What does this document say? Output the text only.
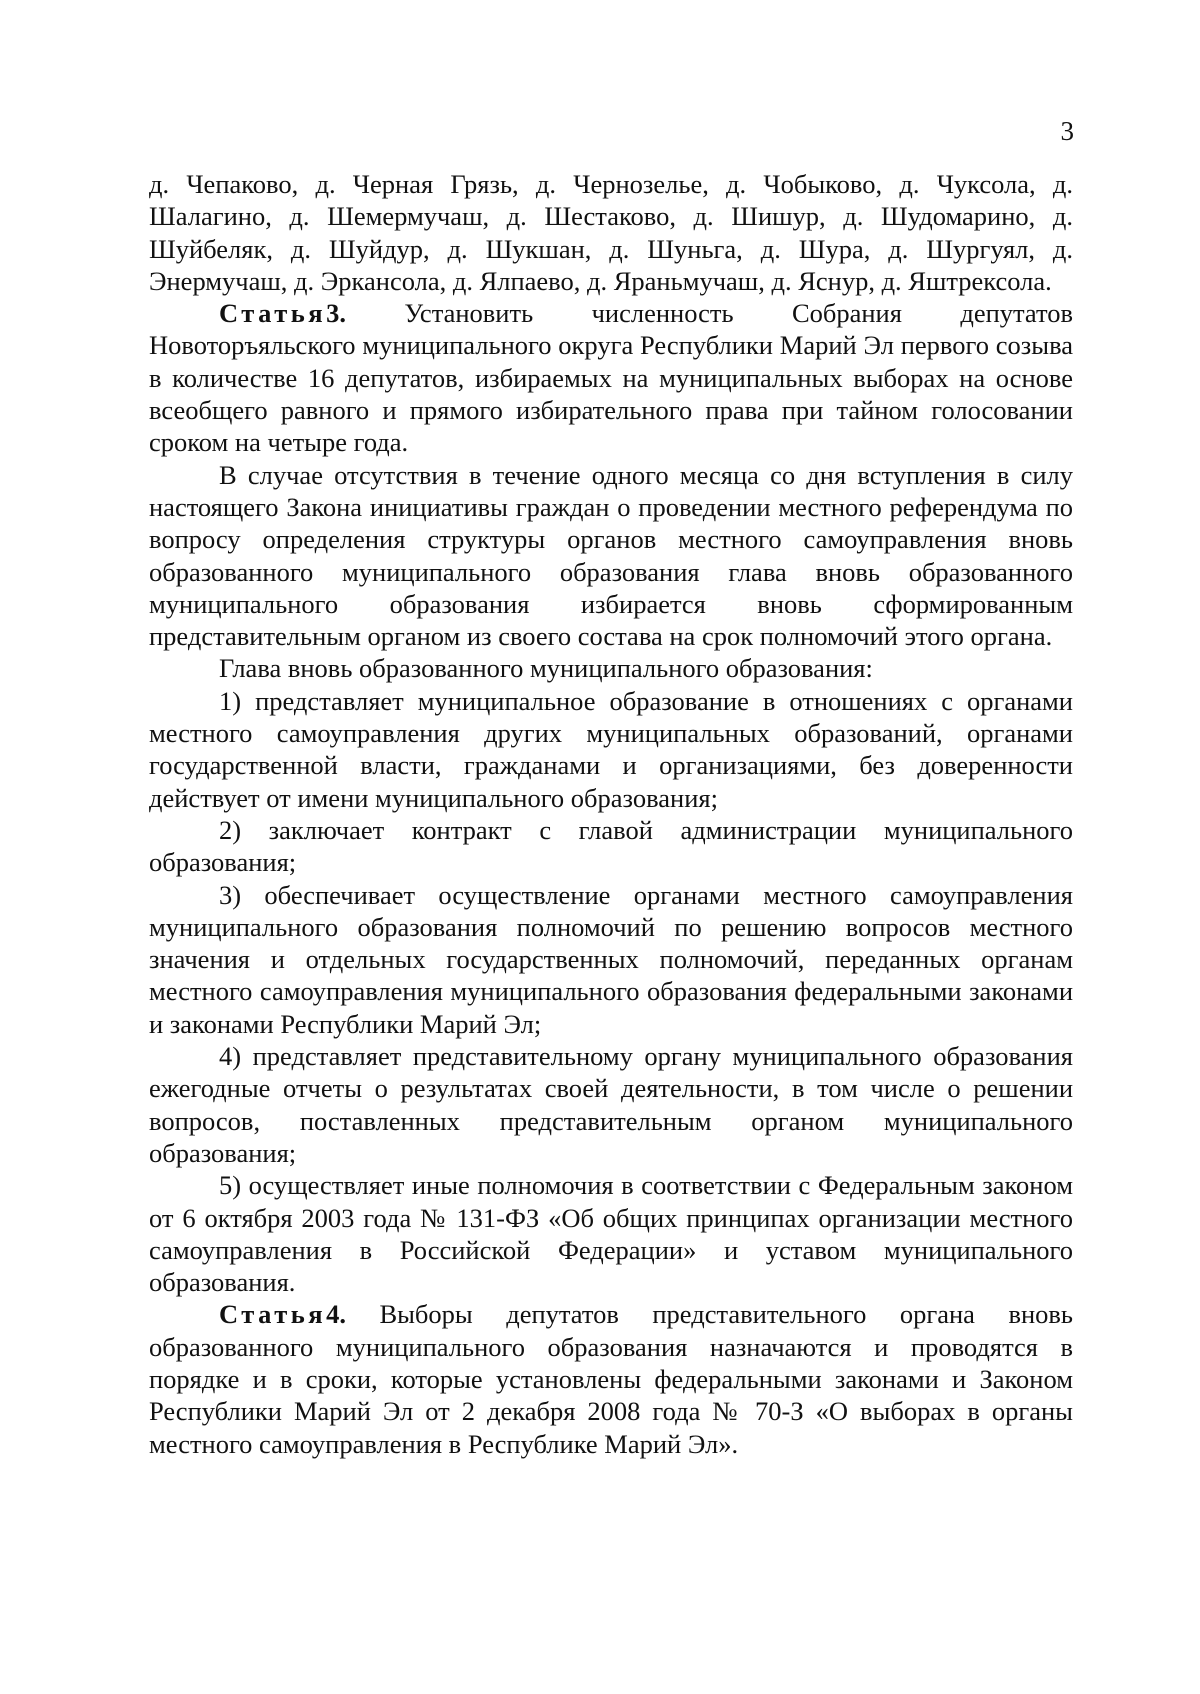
3

д. Чепаково, д. Черная Грязь, д. Чернозелье, д. Чобыково, д. Чуксола, д. Шалагино, д. Шемермучаш, д. Шестаково, д. Шишур, д. Шудомарино, д. Шуйбеляк, д. Шуйдур, д. Шукшан, д. Шуньга, д. Шура, д. Шургуял, д. Энермучаш, д. Эркансола, д. Ялпаево, д. Яраньмучаш, д. Яснур, д. Яштрексола.

Статья3. Установить численность Собрания депутатов Новоторъяльского муниципального округа Республики Марий Эл первого созыва в количестве 16 депутатов, избираемых на муниципальных выборах на основе всеобщего равного и прямого избирательного права при тайном голосовании сроком на четыре года.

В случае отсутствия в течение одного месяца со дня вступления в силу настоящего Закона инициативы граждан о проведении местного референдума по вопросу определения структуры органов местного самоуправления вновь образованного муниципального образования глава вновь образованного муниципального образования избирается вновь сформированным представительным органом из своего состава на срок полномочий этого органа.

Глава вновь образованного муниципального образования:

1) представляет муниципальное образование в отношениях с органами местного самоуправления других муниципальных образований, органами государственной власти, гражданами и организациями, без доверенности действует от имени муниципального образования;

2) заключает контракт с главой администрации муниципального образования;

3) обеспечивает осуществление органами местного самоуправления муниципального образования полномочий по решению вопросов местного значения и отдельных государственных полномочий, переданных органам местного самоуправления муниципального образования федеральными законами и законами Республики Марий Эл;

4) представляет представительному органу муниципального образования ежегодные отчеты о результатах своей деятельности, в том числе о решении вопросов, поставленных представительным органом муниципального образования;

5) осуществляет иные полномочия в соответствии с Федеральным законом от 6 октября 2003 года № 131-ФЗ «Об общих принципах организации местного самоуправления в Российской Федерации» и уставом муниципального образования.

Статья4. Выборы депутатов представительного органа вновь образованного муниципального образования назначаются и проводятся в порядке и в сроки, которые установлены федеральными законами и Законом Республики Марий Эл от 2 декабря 2008 года № 70-З «О выборах в органы местного самоуправления в Республике Марий Эл».
